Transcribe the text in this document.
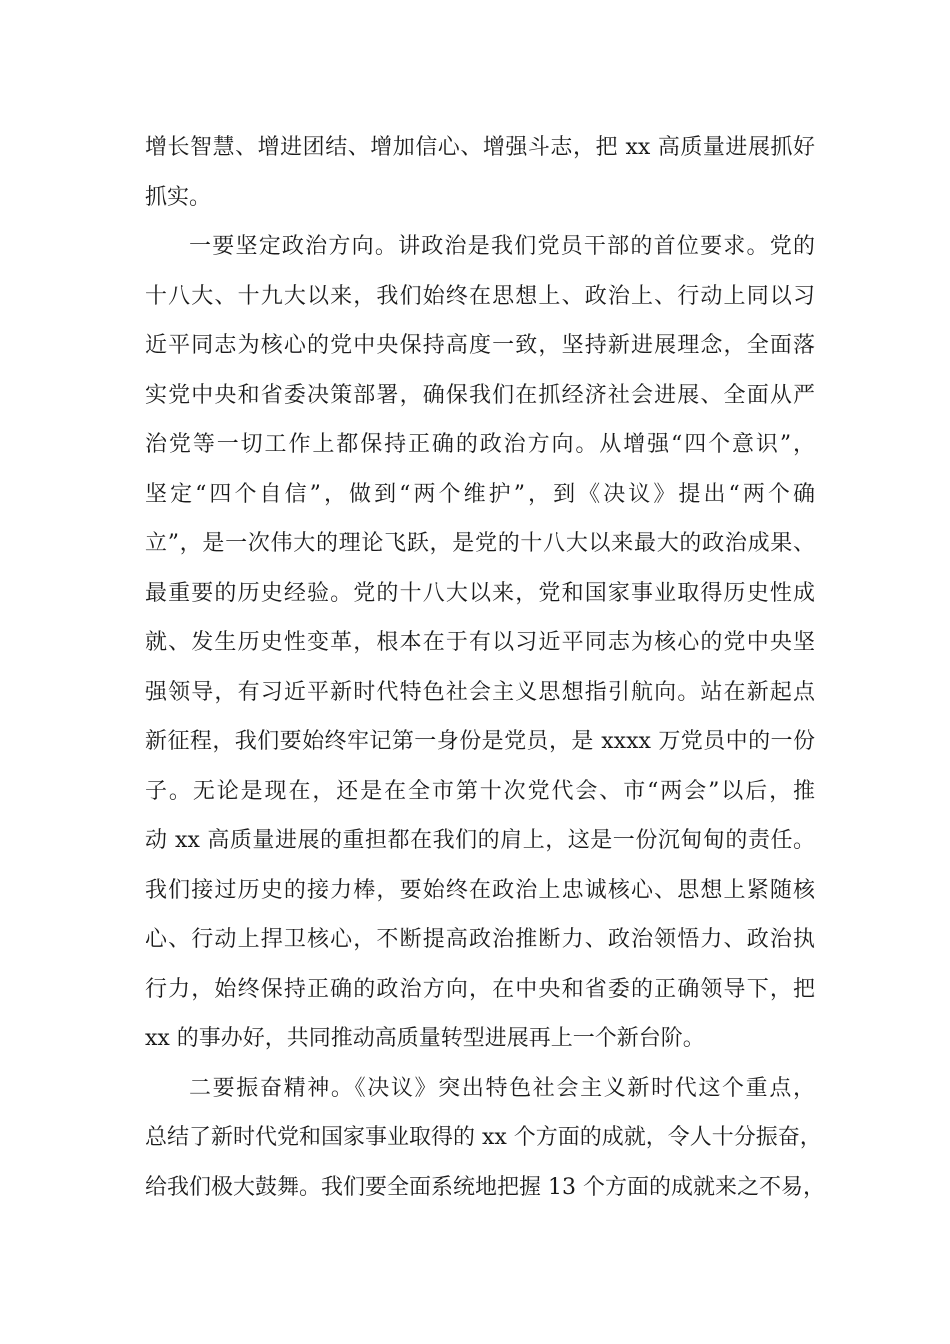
增长智慧、增进团结、增加信心、增强斗志，把 xx 高质量进展抓好
抓实。
一要坚定政治方向。讲政治是我们党员干部的首位要求。党的
十八大、十九大以来，我们始终在思想上、政治上、行动上同以习
近平同志为核心的党中央保持高度一致，坚持新进展理念，全面落
实党中央和省委决策部署，确保我们在抓经济社会进展、全面从严
治党等一切工作上都保持正确的政治方向。从增强“四个意识”，
坚定“四个自信”，做到“两个维护”，到《决议》提出“两个确
立”，是一次伟大的理论飞跃，是党的十八大以来最大的政治成果、
最重要的历史经验。党的十八大以来，党和国家事业取得历史性成
就、发生历史性变革，根本在于有以习近平同志为核心的党中央坚
强领导，有习近平新时代特色社会主义思想指引航向。站在新起点
新征程，我们要始终牢记第一身份是党员，是 xxxx 万党员中的一份
子。无论是现在，还是在全市第十次党代会、市“两会”以后，推
动 xx 高质量进展的重担都在我们的肩上，这是一份沉甸甸的责任。
我们接过历史的接力棒，要始终在政治上忠诚核心、思想上紧随核
心、行动上捍卫核心，不断提高政治推断力、政治领悟力、政治执
行力，始终保持正确的政治方向，在中央和省委的正确领导下，把
xx 的事办好，共同推动高质量转型进展再上一个新台阶。
二要振奋精神。《决议》突出特色社会主义新时代这个重点，
总结了新时代党和国家事业取得的 xx 个方面的成就，令人十分振奋，
给我们极大鼓舞。我们要全面系统地把握 13 个方面的成就来之不易，
